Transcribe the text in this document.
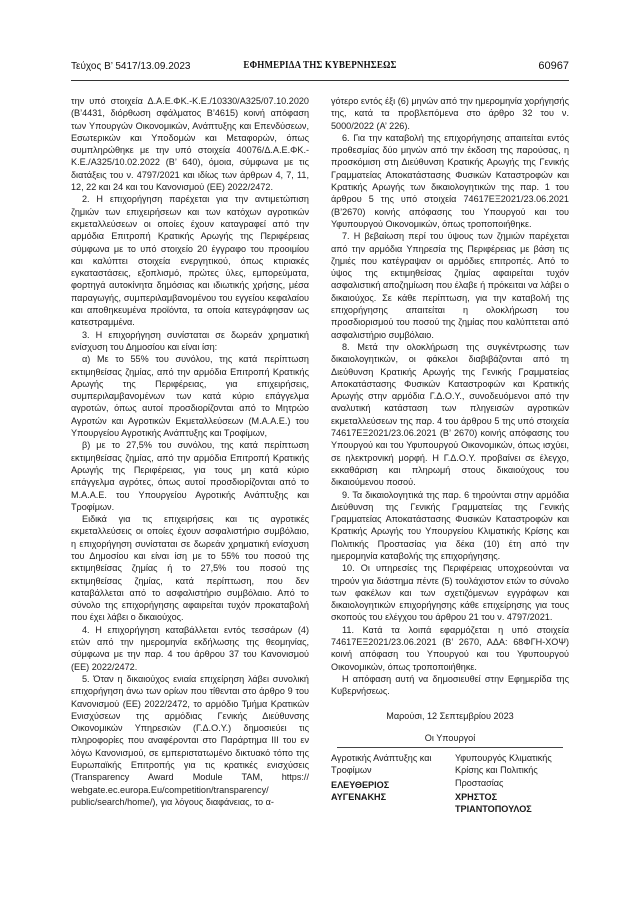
Τεύχος Β’ 5417/13.09.2023	ΕΦΗΜΕΡΙΔΑ ΤΗΣ ΚΥΒΕΡΝΗΣΕΩΣ	60967

την υπό στοιχεία Δ.Α.Ε.ΦΚ.-Κ.Ε./10330/Α325/07.10.2020 (Β’4431, διόρθωση σφάλματος Β’4615) κοινή απόφαση των Υπουργών Οικονομικών, Ανάπτυξης και Επενδύσεων, Εσωτερικών και Υποδομών και Μεταφορών, όπως συμπληρώθηκε με την υπό στοιχεία 40076/Δ.Α.Ε.ΦΚ.-Κ.Ε./Α325/10.02.2022 (Β’ 640), όμοια, σύμφωνα με τις διατάξεις του ν. 4797/2021 και ιδίως των άρθρων 4, 7, 11, 12, 22 και 24 και του Κανονισμού (ΕΕ) 2022/2472.

2. Η επιχορήγηση παρέχεται για την αντιμετώπιση ζημιών των επιχειρήσεων και των κατόχων αγροτικών εκμεταλλεύσεων οι οποίες έχουν καταγραφεί από την αρμόδια Επιτροπή Κρατικής Αρωγής της Περιφέρειας σύμφωνα με το υπό στοιχείο 20 έγγραφο του προοιμίου και καλύπτει στοιχεία ενεργητικού, όπως κτιριακές εγκαταστάσεις, εξοπλισμό, πρώτες ύλες, εμπορεύματα, φορτηγά αυτοκίνητα δημόσιας και ιδιωτικής χρήσης, μέσα παραγωγής, συμπεριλαμβανομένου του εγγείου κεφαλαίου και αποθηκευμένα προϊόντα, τα οποία κατεγράφησαν ως κατεστραμμένα.

3. Η επιχορήγηση συνίσταται σε δωρεάν χρηματική ενίσχυση του Δημοσίου και είναι ίση:

α) Με το 55% του συνόλου, της κατά περίπτωση εκτιμηθείσας ζημίας, από την αρμόδια Επιτροπή Κρατικής Αρωγής της Περιφέρειας, για επιχειρήσεις, συμπεριλαμβανομένων των κατά κύριο επάγγελμα αγροτών, όπως αυτοί προσδιορίζονται από το Μητρώο Αγροτών και Αγροτικών Εκμεταλλεύσεων (Μ.Α.Α.Ε.) του Υπουργείου Αγροτικής Ανάπτυξης και Τροφίμων,

β) με το 27,5% του συνόλου, της κατά περίπτωση εκτιμηθείσας ζημίας, από την αρμόδια Επιτροπή Κρατικής Αρωγής της Περιφέρειας, για τους μη κατά κύριο επάγγελμα αγρότες, όπως αυτοί προσδιορίζονται από το Μ.Α.Α.Ε. του Υπουργείου Αγροτικής Ανάπτυξης και Τροφίμων.

Ειδικά για τις επιχειρήσεις και τις αγροτικές εκμεταλλεύσεις οι οποίες έχουν ασφαλιστήριο συμβόλαιο, η επιχορήγηση συνίσταται σε δωρεάν χρηματική ενίσχυση του Δημοσίου και είναι ίση με το 55% του ποσού της εκτιμηθείσας ζημίας ή το 27,5% του ποσού της εκτιμηθείσας ζημίας, κατά περίπτωση, που δεν καταβάλλεται από το ασφαλιστήριο συμβόλαιο. Από το σύνολο της επιχορήγησης αφαιρείται τυχόν προκαταβολή που έχει λάβει ο δικαιούχος.

4. Η επιχορήγηση καταβάλλεται εντός τεσσάρων (4) ετών από την ημερομηνία εκδήλωσης της θεομηνίας, σύμφωνα με την παρ. 4 του άρθρου 37 του Κανονισμού (ΕΕ) 2022/2472.

5. Όταν η δικαιούχος ενιαία επιχείρηση λάβει συνολική επιχορήγηση άνω των ορίων που τίθενται στο άρθρο 9 του Κανονισμού (ΕΕ) 2022/2472, το αρμόδιο Τμήμα Κρατικών Ενισχύσεων της αρμόδιας Γενικής Διεύθυνσης Οικονομικών Υπηρεσιών (Γ.Δ.Ο.Υ.) δημοσιεύει τις πληροφορίες που αναφέρονται στο Παράρτημα III του εν λόγω Κανονισμού, σε εμπεριστατωμένο δικτυακό τόπο της Ευρωπαϊκής Επιτροπής για τις κρατικές ενισχύσεις (Transparency Award Module TAM, https:// webgate.ec.europa.Eu/competition/transparency/ public/search/home/), για λόγους διαφάνειας, το α-

γότερο εντός έξι (6) μηνών από την ημερομηνία χορήγησής της, κατά τα προβλεπόμενα στο άρθρο 32 του ν. 5000/2022 (Α’ 226).

6. Για την καταβολή της επιχορήγησης απαιτείται εντός προθεσμίας δύο μηνών από την έκδοση της παρούσας, η προσκόμιση στη Διεύθυνση Κρατικής Αρωγής της Γενικής Γραμματείας Αποκατάστασης Φυσικών Καταστροφών και Κρατικής Αρωγής των δικαιολογητικών της παρ. 1 του άρθρου 5 της υπό στοιχεία 74617ΕΞ2021/23.06.2021 (Β’2670) κοινής απόφασης του Υπουργού και του Υφυπουργού Οικονομικών, όπως τροποποιήθηκε.

7. Η βεβαίωση περί του ύψους των ζημιών παρέχεται από την αρμόδια Υπηρεσία της Περιφέρειας με βάση τις ζημιές που κατέγραψαν οι αρμόδιες επιτροπές. Από το ύψος της εκτιμηθείσας ζημίας αφαιρείται τυχόν ασφαλιστική αποζημίωση που έλαβε ή πρόκειται να λάβει ο δικαιούχος. Σε κάθε περίπτωση, για την καταβολή της επιχορήγησης απαιτείται η ολοκλήρωση του προσδιορισμού του ποσού της ζημίας που καλύπτεται από ασφαλιστήριο συμβόλαιο.

8. Μετά την ολοκλήρωση της συγκέντρωσης των δικαιολογητικών, οι φάκελοι διαβιβάζονται από τη Διεύθυνση Κρατικής Αρωγής της Γενικής Γραμματείας Αποκατάστασης Φυσικών Καταστροφών και Κρατικής Αρωγής στην αρμόδια Γ.Δ.Ο.Υ., συνοδευόμενοι από την αναλυτική κατάσταση των πληγεισών αγροτικών εκμεταλλεύσεων της παρ. 4 του άρθρου 5 της υπό στοιχεία 74617ΕΞ2021/23.06.2021 (Β’ 2670) κοινής απόφασης του Υπουργού και του Υφυπουργού Οικονομικών, όπως ισχύει, σε ηλεκτρονική μορφή. Η Γ.Δ.Ο.Υ. προβαίνει σε έλεγχο, εκκαθάριση και πληρωμή στους δικαιούχους του δικαιούμενου ποσού.

9. Τα δικαιολογητικά της παρ. 6 τηρούνται στην αρμόδια Διεύθυνση της Γενικής Γραμματείας της Γενικής Γραμματείας Αποκατάστασης Φυσικών Καταστροφών και Κρατικής Αρωγής του Υπουργείου Κλιματικής Κρίσης και Πολιτικής Προστασίας για δέκα (10) έτη από την ημερομηνία καταβολής της επιχορήγησης.

10. Οι υπηρεσίες της Περιφέρειας υποχρεούνται να τηρούν για διάστημα πέντε (5) τουλάχιστον ετών το σύνολο των φακέλων και των σχετιζόμενων εγγράφων και δικαιολογητικών επιχορήγησης κάθε επιχείρησης για τους σκοπούς του ελέγχου του άρθρου 21 του ν. 4797/2021.

11. Κατά τα λοιπά εφαρμόζεται η υπό στοιχεία 74617ΕΞ2021/23.06.2021 (Β’ 2670, ΑΔΑ: 68ΦΓΗ-ΧΟΨ) κοινή απόφαση του Υπουργού και του Υφυπουργού Οικονομικών, όπως τροποποιήθηκε.

Η απόφαση αυτή να δημοσιευθεί στην Εφημερίδα της Κυβερνήσεως.

Μαρούσι, 12 Σεπτεμβρίου 2023

Οι Υπουργοί
Αγροτικής Ανάπτυξης και Τροφίμων
ΕΛΕΥΘΕΡΙΟΣ
ΑΥΓΕΝΑΚΗΣ
Υφυπουργός Κλιματικής Κρίσης και Πολιτικής Προστασίας
ΧΡΗΣΤΟΣ
ΤΡΙΑΝΤΟΠΟΥΛΟΣ
